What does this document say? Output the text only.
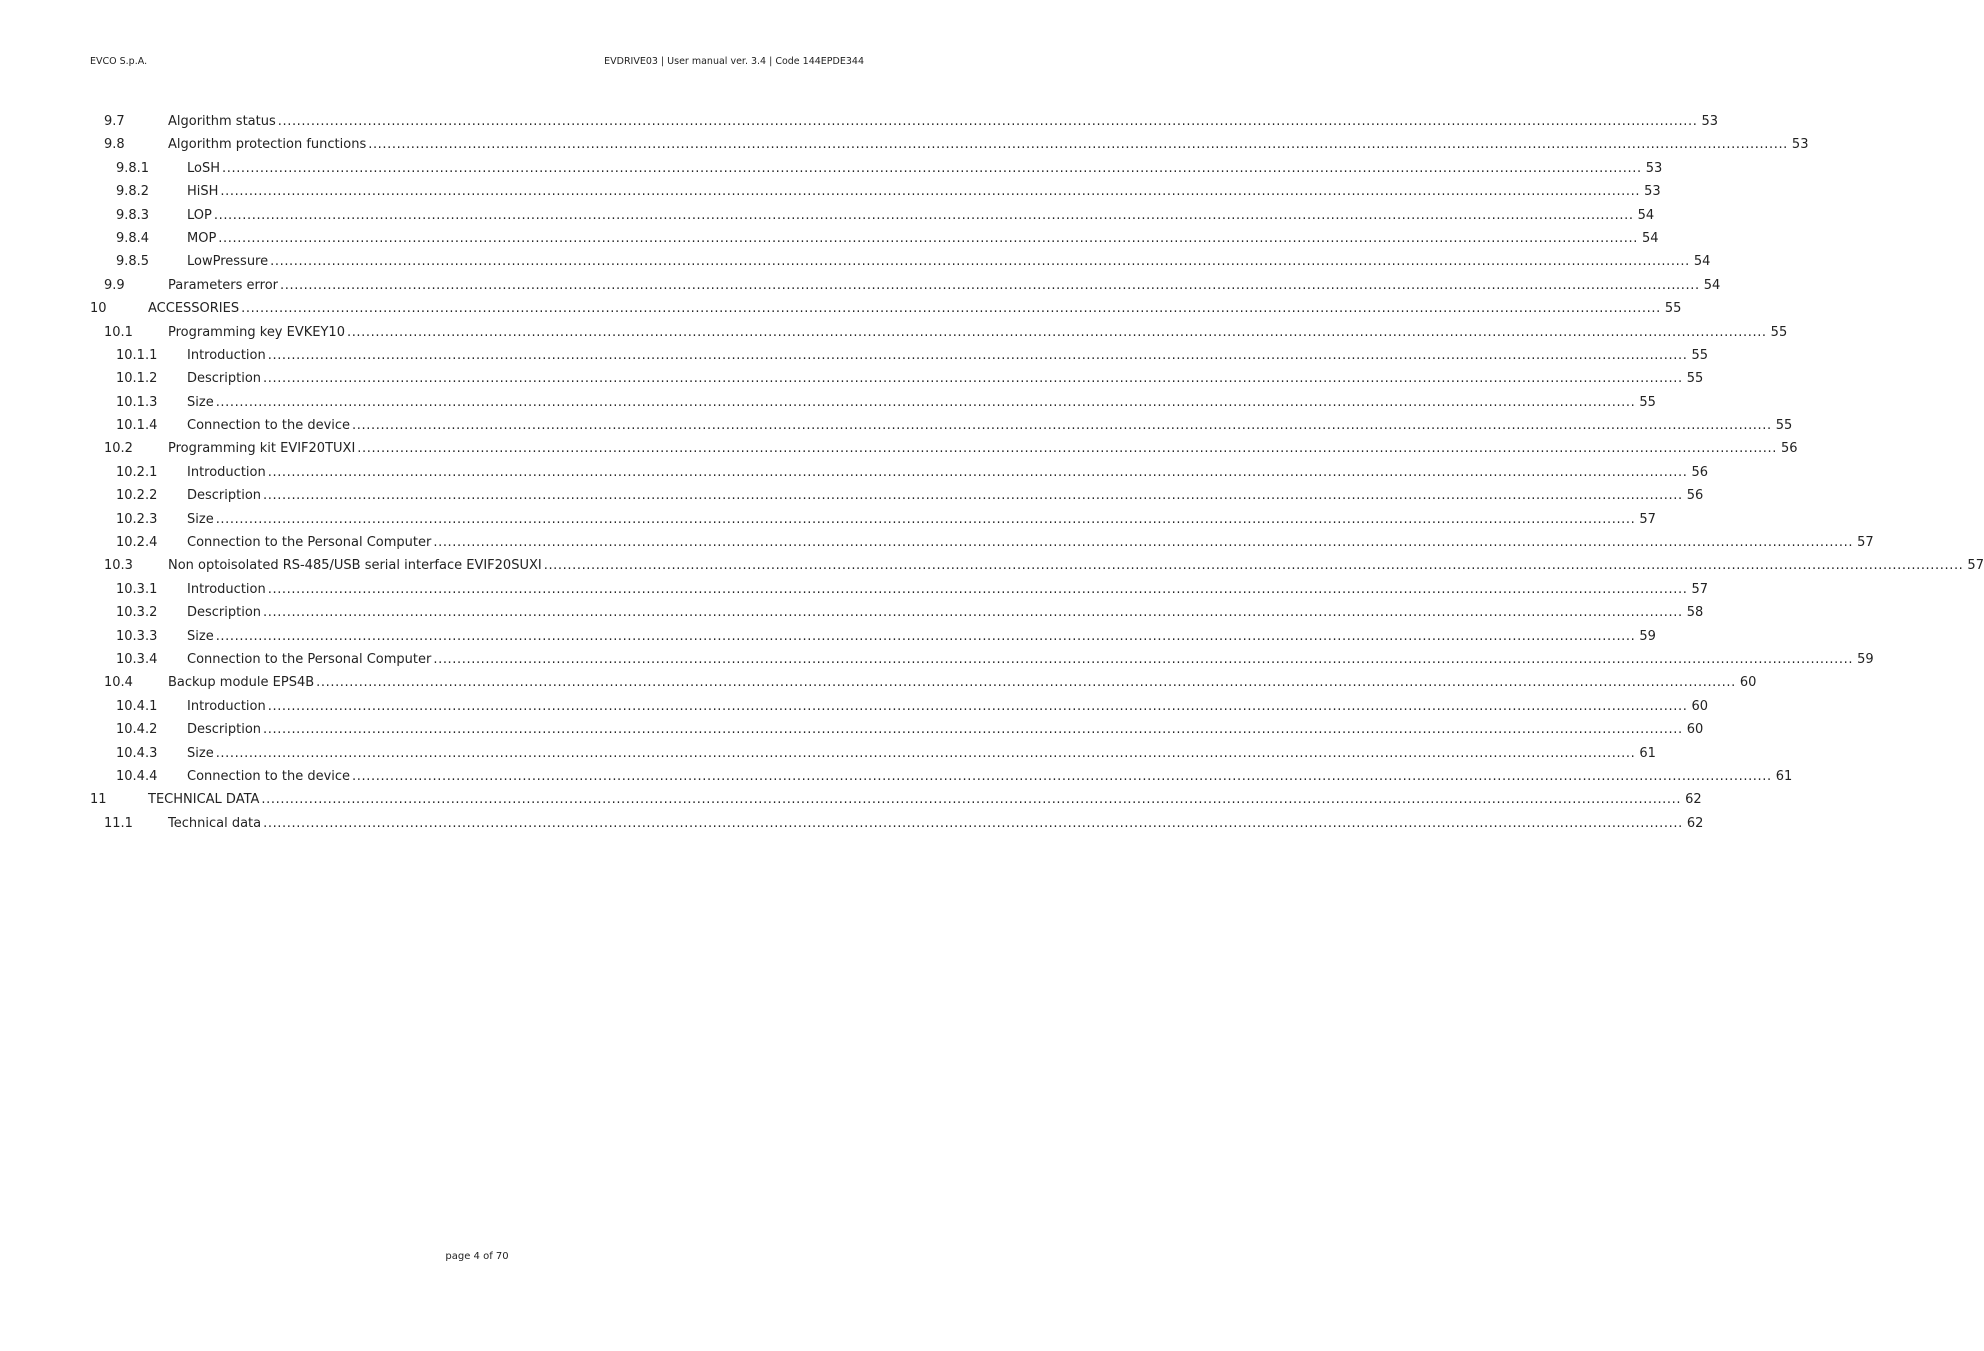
EVCO S.p.A.	EVDRIVE03 | User manual ver. 3.4 | Code 144EPDE344
9.7	Algorithm status ............................................................................................................................................................................................................................................................................................................ 53
9.8	Algorithm protection functions ............................................................................................................................................................................................................................................................................................................ 53
9.8.1	LoSH ............................................................................................................................................................................................................................................................................................................ 53
9.8.2	HiSH ............................................................................................................................................................................................................................................................................................................ 53
9.8.3	LOP ............................................................................................................................................................................................................................................................................................................ 54
9.8.4	MOP ............................................................................................................................................................................................................................................................................................................ 54
9.8.5	LowPressure ............................................................................................................................................................................................................................................................................................................ 54
9.9	Parameters error ............................................................................................................................................................................................................................................................................................................ 54
10	ACCESSORIES ............................................................................................................................................................................................................................................................................................................ 55
10.1	Programming key EVKEY10 ............................................................................................................................................................................................................................................................................................................ 55
10.1.1 Introduction ............................................................................................................................................................................................................................................................................................................ 55
10.1.2 Description ............................................................................................................................................................................................................................................................................................................ 55
10.1.3 Size ............................................................................................................................................................................................................................................................................................................ 55
10.1.4 Connection to the device ............................................................................................................................................................................................................................................................................................................ 55
10.2	Programming kit EVIF20TUXI ............................................................................................................................................................................................................................................................................................................ 56
10.2.1 Introduction ............................................................................................................................................................................................................................................................................................................ 56
10.2.2 Description ............................................................................................................................................................................................................................................................................................................ 56
10.2.3 Size ............................................................................................................................................................................................................................................................................................................ 57
10.2.4 Connection to the Personal Computer ............................................................................................................................................................................................................................................................................................................ 57
10.3	Non optoisolated RS-485/USB serial interface EVIF20SUXI ............................................................................................................................................................................................................................................................................................................ 57
10.3.1 Introduction ............................................................................................................................................................................................................................................................................................................ 57
10.3.2 Description ............................................................................................................................................................................................................................................................................................................ 58
10.3.3 Size ............................................................................................................................................................................................................................................................................................................ 59
10.3.4 Connection to the Personal Computer ............................................................................................................................................................................................................................................................................................................ 59
10.4	Backup module EPS4B ............................................................................................................................................................................................................................................................................................................ 60
10.4.1 Introduction ............................................................................................................................................................................................................................................................................................................ 60
10.4.2 Description ............................................................................................................................................................................................................................................................................................................ 60
10.4.3 Size ............................................................................................................................................................................................................................................................................................................ 61
10.4.4 Connection to the device ............................................................................................................................................................................................................................................................................................................ 61
11	TECHNICAL DATA ............................................................................................................................................................................................................................................................................................................ 62
11.1	Technical data ............................................................................................................................................................................................................................................................................................................ 62
page 4 of 70
